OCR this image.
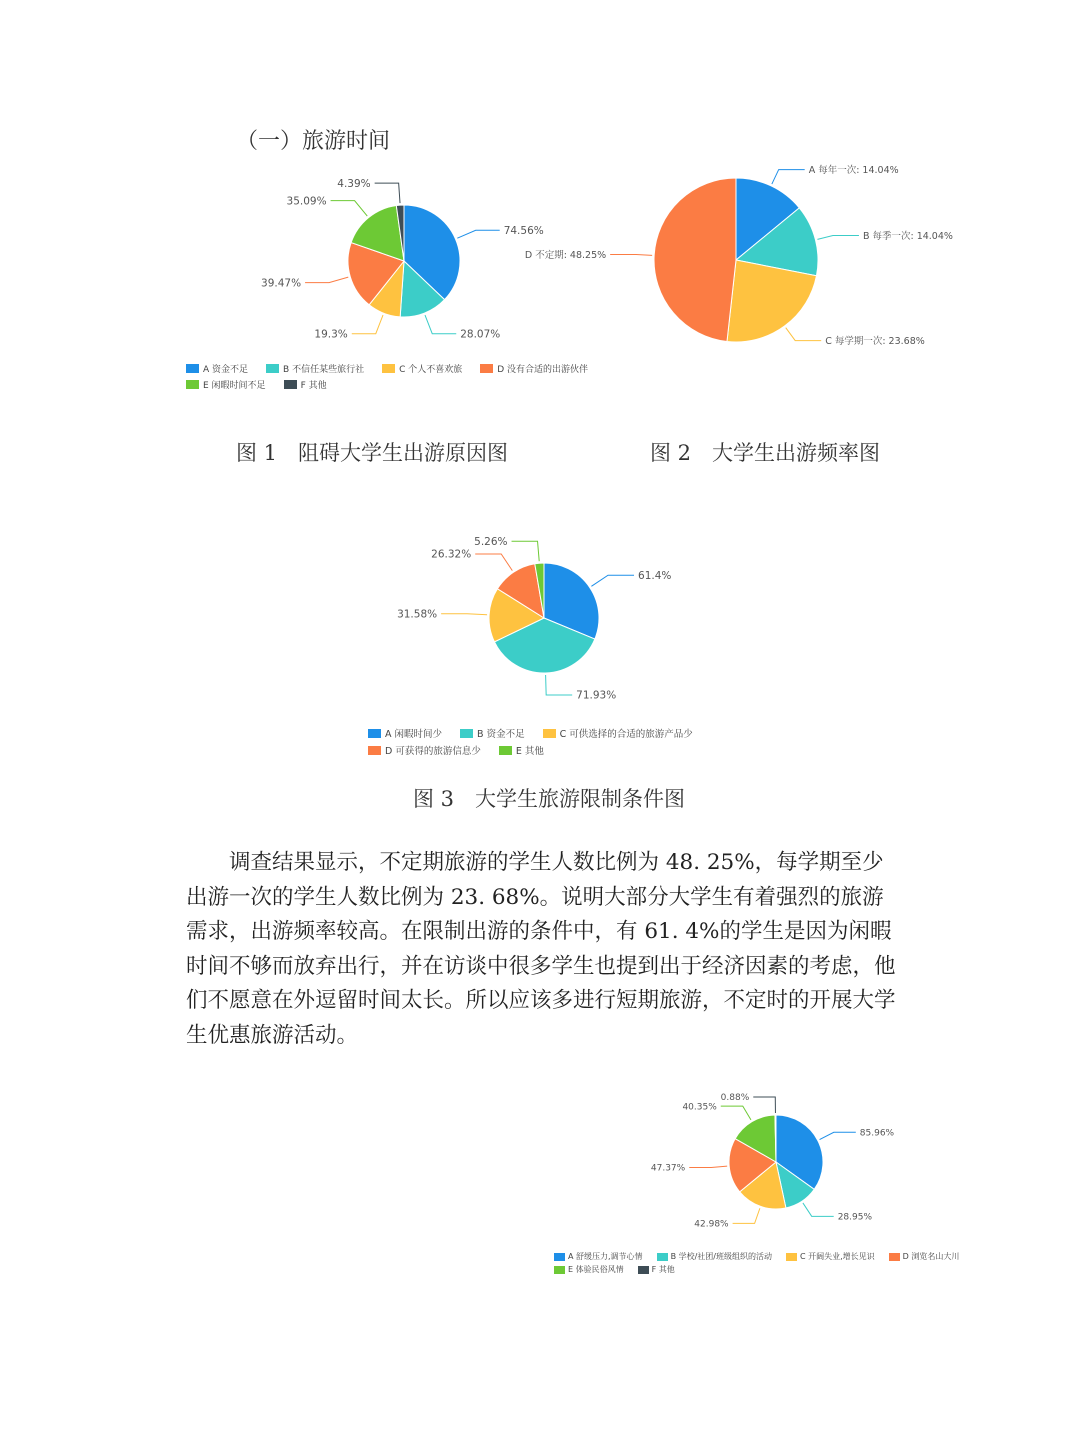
（一）旅游时间
74.56%
28.07%
19.3%
39.47%
35.09%
4.39%
A 资金不足	B 不信任某些旅行社	C 个人不喜欢旅	D 没有合适的出游伙伴
E 闲暇时间不足	F 其他
A 每年一次: 14.04%
B 每季一次: 14.04%
C 每学期一次: 23.68%
D 不定期: 48.25%
图 1　阻碍大学生出游原因图	图 2　大学生出游频率图
61.4%
71.93%
31.58%
26.32%
5.26%
A 闲暇时间少	B 资金不足	C 可供选择的合适的旅游产品少
D 可获得的旅游信息少	E 其他
图 3　大学生旅游限制条件图

调查结果显示，不定期旅游的学生人数比例为 48. 25%，每学期至少出游一次的学生人数比例为 23. 68%。说明大部分大学生有着强烈的旅游需求，出游频率较高。在限制出游的条件中，有 61. 4%的学生是因为闲暇时间不够而放弃出行，并在访谈中很多学生也提到出于经济因素的考虑，他们不愿意在外逗留时间太长。所以应该多进行短期旅游，不定时的开展大学生优惠旅游活动。

85.96%
28.95%
42.98%
47.37%
40.35%
0.88%
A 舒缓压力,调节心情	B 学校/社团/班级组织的活动	C 开阔失业,增长见识	D 浏览名山大川
E 体验民俗风情	F 其他
